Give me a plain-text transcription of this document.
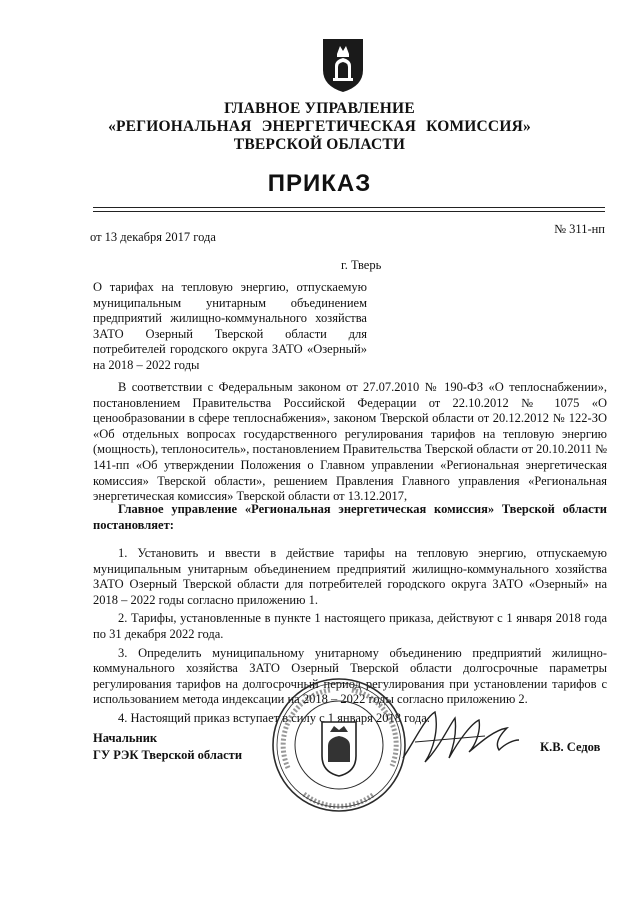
ГЛАВНОЕ УПРАВЛЕНИЕ
«РЕГИОНАЛЬНАЯ ЭНЕРГЕТИЧЕСКАЯ КОМИССИЯ»
ТВЕРСКОЙ ОБЛАСТИ
ПРИКАЗ
от 13 декабря 2017 года
№ 311-нп
г. Тверь
О тарифах на тепловую энергию, отпускаемую муниципальным унитарным объединением предприятий жилищно-коммунального хозяйства ЗАТО Озерный Тверской области для потребителей городского округа ЗАТО «Озерный» на 2018 – 2022 годы
В соответствии с Федеральным законом от 27.07.2010 № 190-ФЗ «О теплоснабжении», постановлением Правительства Российской Федерации от 22.10.2012 № 1075 «О ценообразовании в сфере теплоснабжения», законом Тверской области от 20.12.2012 № 122-ЗО «Об отдельных вопросах государственного регулирования тарифов на тепловую энергию (мощность), теплоноситель», постановлением Правительства Тверской области от 20.10.2011 № 141-пп «Об утверждении Положения о Главном управлении «Региональная энергетическая комиссия» Тверской области», решением Правления Главного управления «Региональная энергетическая комиссия» Тверской области от 13.12.2017,
Главное управление «Региональная энергетическая комиссия» Тверской области постановляет:

1. Установить и ввести в действие тарифы на тепловую энергию, отпускаемую муниципальным унитарным объединением предприятий жилищно-коммунального хозяйства ЗАТО Озерный Тверской области для потребителей городского округа ЗАТО «Озерный» на 2018 – 2022 годы согласно приложению 1.

2. Тарифы, установленные в пункте 1 настоящего приказа, действуют с 1 января 2018 года по 31 декабря 2022 года.

3. Определить муниципальному унитарному объединению предприятий жилищно-коммунального хозяйства ЗАТО Озерный Тверской области долгосрочные параметры регулирования тарифов на долгосрочный период регулирования при установлении тарифов с использованием метода индексации на 2018 – 2022 годы согласно приложению 2.

4. Настоящий приказ вступает в силу с 1 января 2018 года.

Начальник
ГУ РЭК Тверской области
К.В. Седов
